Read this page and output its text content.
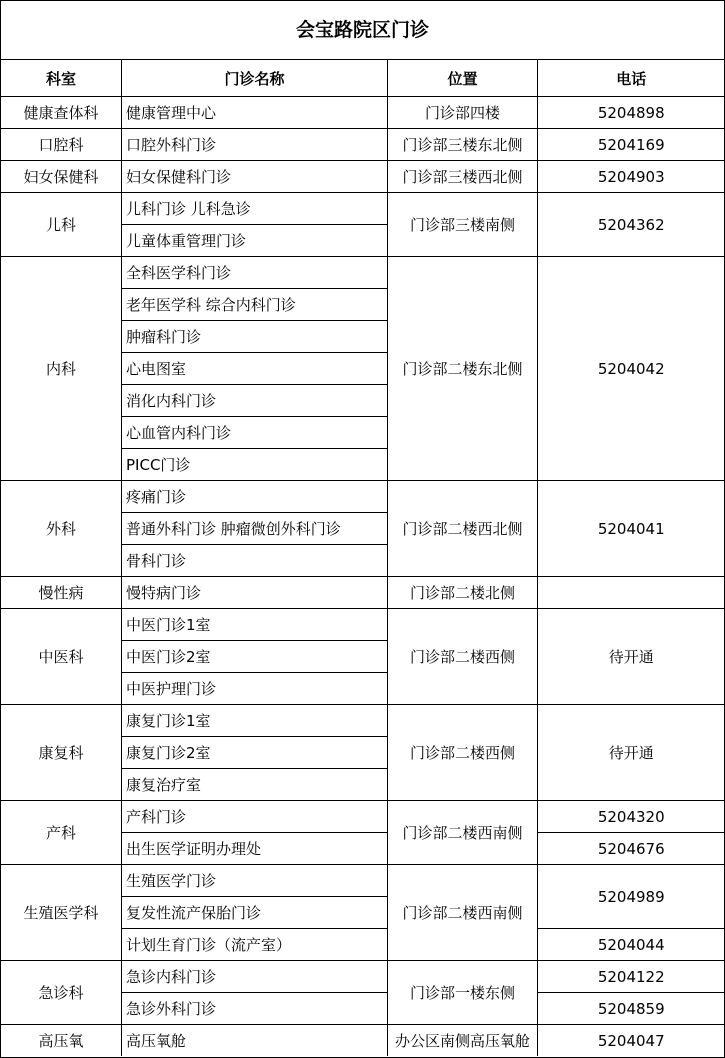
会宝路院区门诊
科室	门诊名称	位置	电话
健康查体科	健康管理中心	门诊部四楼	5204898
口腔科	口腔外科门诊	门诊部三楼东北侧	5204169
妇女保健科	妇女保健科门诊	门诊部三楼西北侧	5204903
儿科	儿科门诊 儿科急诊	门诊部三楼南侧	5204362
	儿童体重管理门诊		
内科	全科医学科门诊	门诊部二楼东北侧	5204042
	老年医学科 综合内科门诊		
	肿瘤科门诊		
	心电图室		
	消化内科门诊		
	心血管内科门诊		
	PICC门诊		
外科	疼痛门诊	门诊部二楼西北侧	5204041
	普通外科门诊 肿瘤微创外科门诊		
	骨科门诊		
慢性病	慢特病门诊	门诊部二楼北侧	
中医科	中医门诊1室	门诊部二楼西侧	待开通
	中医门诊2室		
	中医护理门诊		
康复科	康复门诊1室	门诊部二楼西侧	待开通
	康复门诊2室		
	康复治疗室		
产科	产科门诊	门诊部二楼西南侧	5204320
	出生医学证明办理处		5204676
生殖医学科	生殖医学门诊	门诊部二楼西南侧	5204989
	复发性流产保胎门诊		
	计划生育门诊（流产室）		5204044
急诊科	急诊内科门诊	门诊部一楼东侧	5204122
	急诊外科门诊		5204859
高压氧	高压氧舱	办公区南侧高压氧舱	5204047
